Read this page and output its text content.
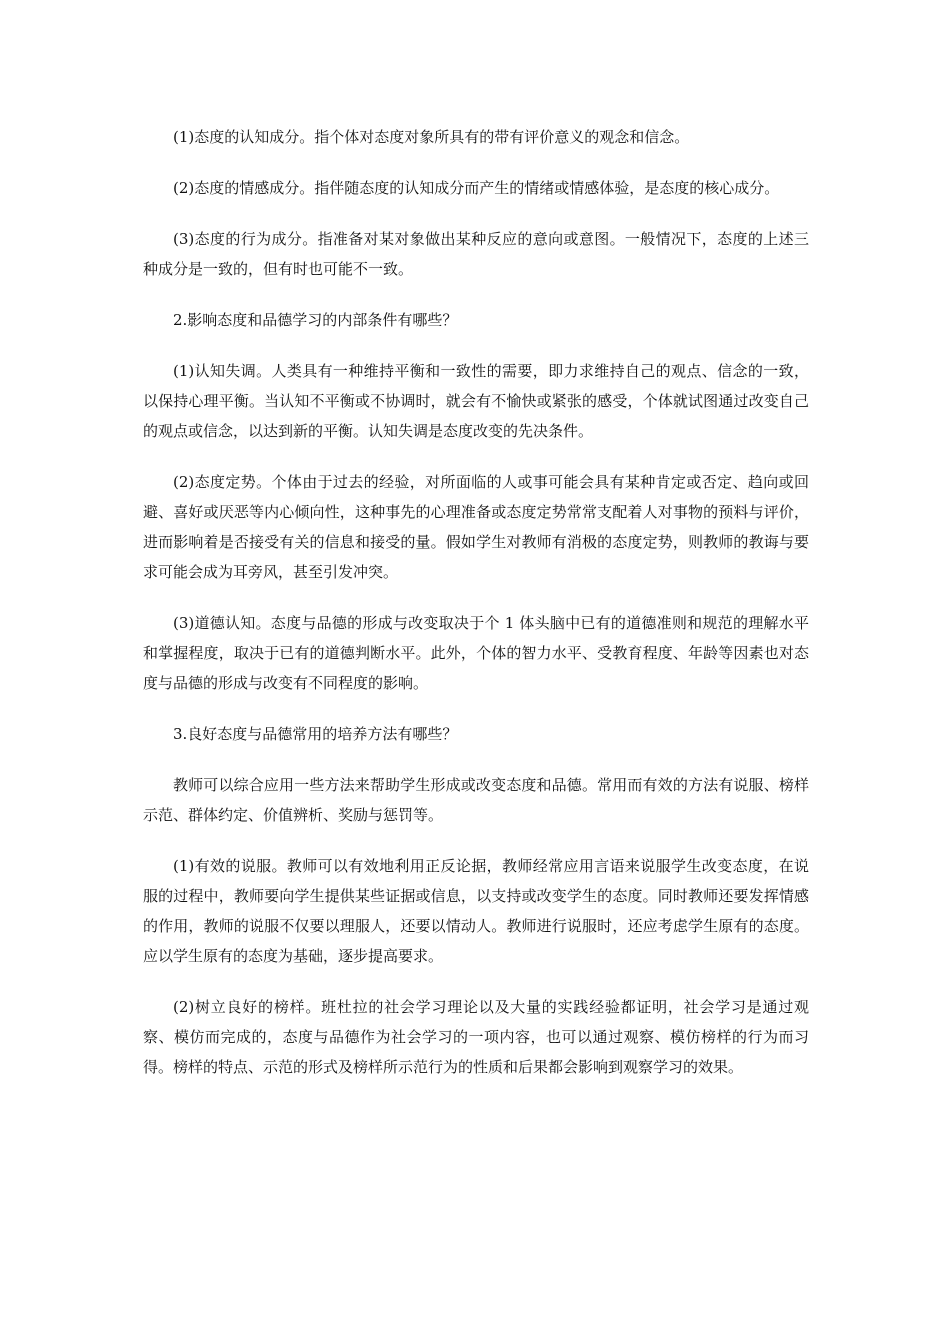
(1)态度的认知成分。指个体对态度对象所具有的带有评价意义的观念和信念。

(2)态度的情感成分。指伴随态度的认知成分而产生的情绪或情感体验，是态度的核心成分。

(3)态度的行为成分。指准备对某对象做出某种反应的意向或意图。一般情况下，态度的上述三种成分是一致的，但有时也可能不一致。

2.影响态度和品德学习的内部条件有哪些？

(1)认知失调。人类具有一种维持平衡和一致性的需要，即力求维持自己的观点、信念的一致，以保持心理平衡。当认知不平衡或不协调时，就会有不愉快或紧张的感受，个体就试图通过改变自己的观点或信念，以达到新的平衡。认知失调是态度改变的先决条件。

(2)态度定势。个体由于过去的经验，对所面临的人或事可能会具有某种肯定或否定、趋向或回避、喜好或厌恶等内心倾向性，这种事先的心理准备或态度定势常常支配着人对事物的预料与评价，进而影响着是否接受有关的信息和接受的量。假如学生对教师有消极的态度定势，则教师的教诲与要求可能会成为耳旁风，甚至引发冲突。

(3)道德认知。态度与品德的形成与改变取决于个 1 体头脑中已有的道德准则和规范的理解水平和掌握程度，取决于已有的道德判断水平。此外，个体的智力水平、受教育程度、年龄等因素也对态度与品德的形成与改变有不同程度的影响。

3.良好态度与品德常用的培养方法有哪些？

教师可以综合应用一些方法来帮助学生形成或改变态度和品德。常用而有效的方法有说服、榜样示范、群体约定、价值辨析、奖励与惩罚等。

(1)有效的说服。教师可以有效地利用正反论据，教师经常应用言语来说服学生改变态度，在说服的过程中，教师要向学生提供某些证据或信息，以支持或改变学生的态度。同时教师还要发挥情感的作用，教师的说服不仅要以理服人，还要以情动人。教师进行说服时，还应考虑学生原有的态度。应以学生原有的态度为基础，逐步提高要求。

(2)树立良好的榜样。班杜拉的社会学习理论以及大量的实践经验都证明，社会学习是通过观察、模仿而完成的，态度与品德作为社会学习的一项内容，也可以通过观察、模仿榜样的行为而习得。榜样的特点、示范的形式及榜样所示范行为的性质和后果都会影响到观察学习的效果。
